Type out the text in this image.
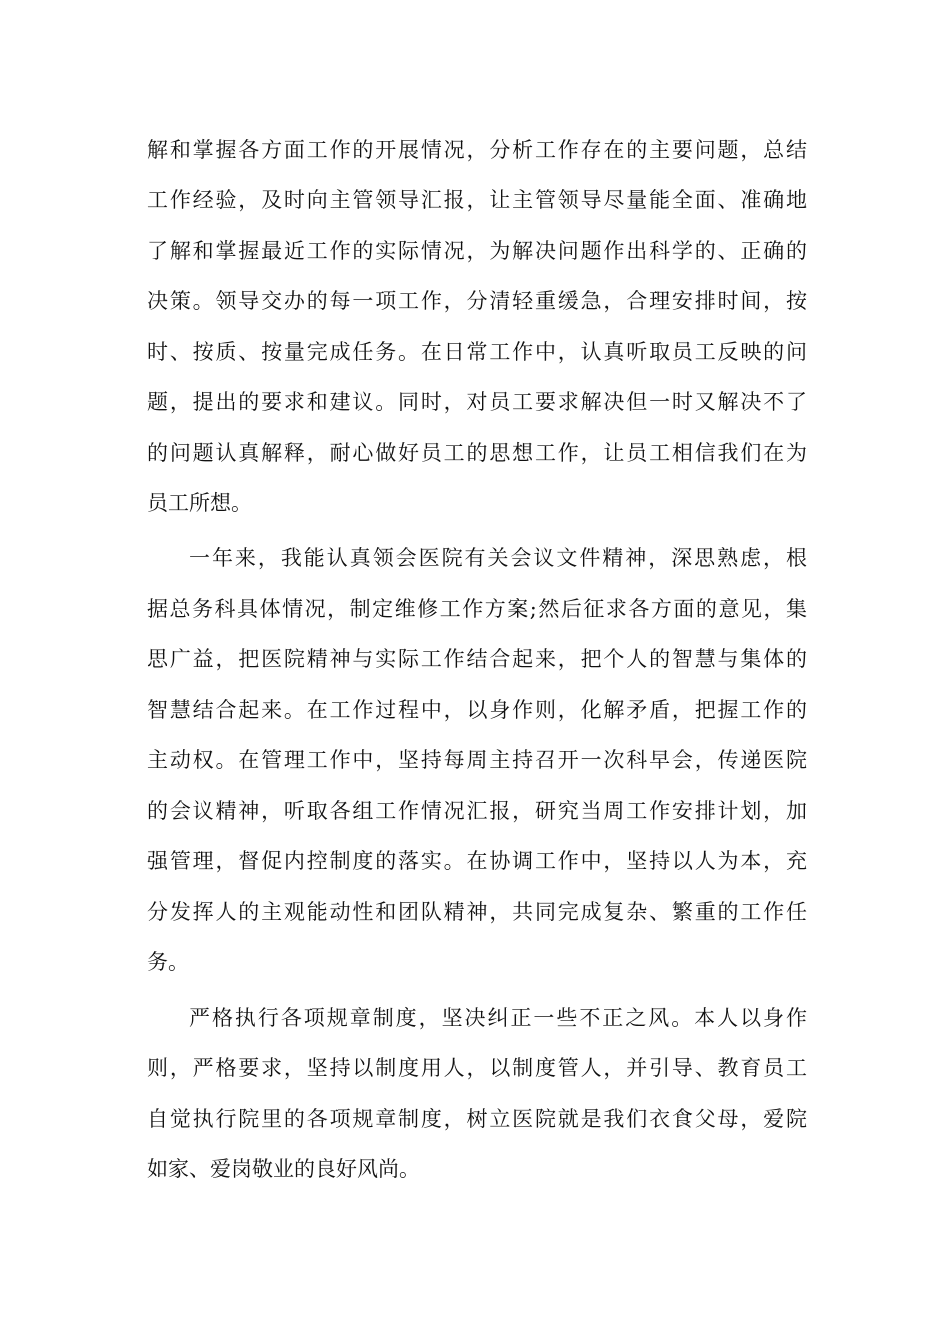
解和掌握各方面工作的开展情况，分析工作存在的主要问题，总结
工作经验，及时向主管领导汇报，让主管领导尽量能全面、准确地
了解和掌握最近工作的实际情况，为解决问题作出科学的、正确的
决策。领导交办的每一项工作，分清轻重缓急，合理安排时间，按
时、按质、按量完成任务。在日常工作中，认真听取员工反映的问
题，提出的要求和建议。同时，对员工要求解决但一时又解决不了
的问题认真解释，耐心做好员工的思想工作，让员工相信我们在为
员工所想。
一年来，我能认真领会医院有关会议文件精神，深思熟虑，根
据总务科具体情况，制定维修工作方案;然后征求各方面的意见，集
思广益，把医院精神与实际工作结合起来，把个人的智慧与集体的
智慧结合起来。在工作过程中，以身作则，化解矛盾，把握工作的
主动权。在管理工作中，坚持每周主持召开一次科早会，传递医院
的会议精神，听取各组工作情况汇报，研究当周工作安排计划，加
强管理，督促内控制度的落实。在协调工作中，坚持以人为本，充
分发挥人的主观能动性和团队精神，共同完成复杂、繁重的工作任
务。
严格执行各项规章制度，坚决纠正一些不正之风。本人以身作
则，严格要求，坚持以制度用人，以制度管人，并引导、教育员工
自觉执行院里的各项规章制度，树立医院就是我们衣食父母，爱院
如家、爱岗敬业的良好风尚。
